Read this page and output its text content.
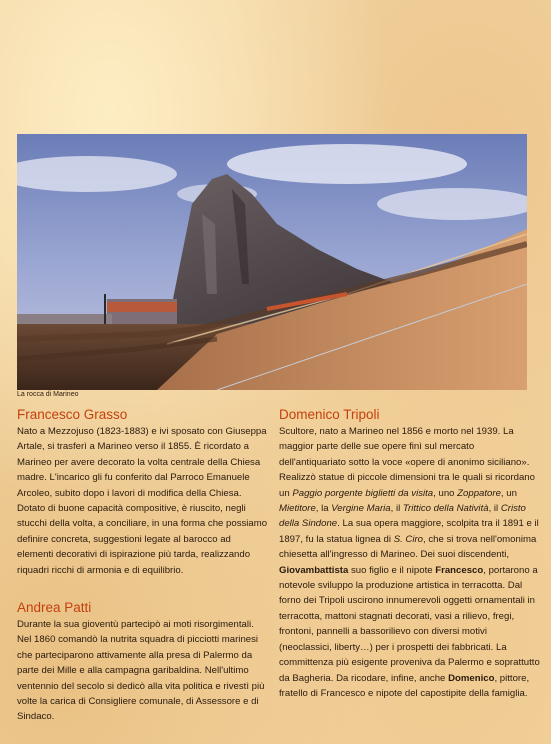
La rocca di Marineo
Francesco Grasso

Nato a Mezzojuso (1823-1883) e ivi sposato con Giuseppa Artale, si trasferì a Marineo verso il 1855. È ricordato a Marineo per avere decorato la volta centrale della Chiesa madre. L'incarico gli fu conferito dal Parroco Emanuele Arcoleo, subito dopo i lavori di modifica della Chiesa. Dotato di buone capacità compositive, è riuscito, negli stucchi della volta, a conciliare, in una forma che possiamo definire concreta, suggestioni legate al barocco ad elementi decorativi di ispirazione più tarda, realizzando riquadri ricchi di armonia e di equilibrio.

Andrea Patti

Durante la sua gioventù partecipò ai moti risorgimentali. Nel 1860 comandò la nutrita squadra di picciotti marinesi che parteciparono attivamente alla presa di Palermo da parte dei Mille e alla campagna garibaldina. Nell'ultimo ventennio del secolo si dedicò alla vita politica e rivestì più volte la carica di Consigliere comunale, di Assessore e di Sindaco.

Domenico Tripoli

Scultore, nato a Marineo nel 1856 e morto nel 1939. La maggior parte delle sue opere finì sul mercato dell'antiquariato sotto la voce «opere di anonimo siciliano». Realizzò statue di piccole dimensioni tra le quali si ricordano un Paggio porgente biglietti da visita, uno Zoppatore, un Mietitore, la Vergine Maria, il Trittico della Natività, il Cristo della Sindone. La sua opera maggiore, scolpita tra il 1891 e il 1897, fu la statua lignea di S. Ciro, che si trova nell'omonima chiesetta all'ingresso di Marineo. Dei suoi discendenti, Giovambattista suo figlio e il nipote Francesco, portarono a notevole sviluppo la produzione artistica in terracotta. Dal forno dei Tripoli uscirono innumerevoli oggetti ornamentali in terracotta, mattoni stagnati decorati, vasi a rilievo, fregi, frontoni, pannelli a bassorilievo con diversi motivi (neoclassici, liberty…) per i prospetti dei fabbricati. La committenza più esigente proveniva da Palermo e soprattutto da Bagheria. Da ricodare, infine, anche Domenico, pittore, fratello di Francesco e nipote del capostipite della famiglia.
